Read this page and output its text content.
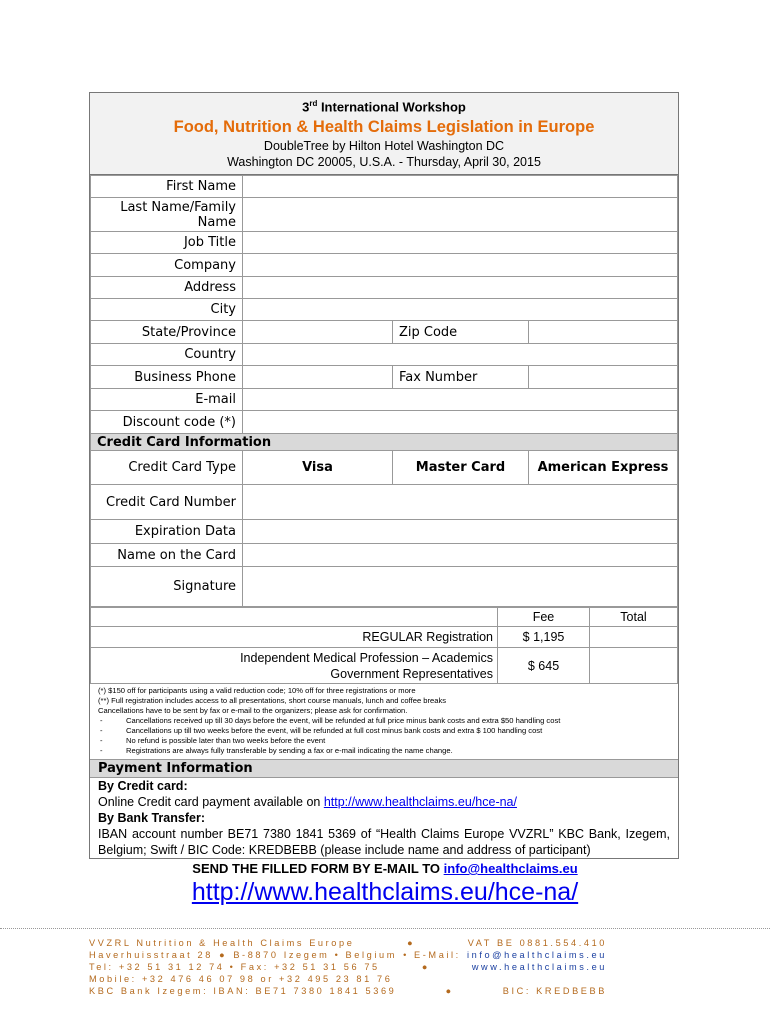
3rd International Workshop
Food, Nutrition & Health Claims Legislation in Europe
DoubleTree by Hilton Hotel Washington DC
Washington DC 20005, U.S.A. - Thursday, April 30, 2015
First Name			
Last Name/Family Name			
Job Title			
Company			
Address			
City			
State/Province		Zip Code	
Country			
Business Phone		Fax Number	
E-mail			
Discount code (*)			
Credit Card Information			
Credit Card Type	Visa	Master Card	American Express
Credit Card Number			
Expiration Data			
Name on the Card			
Signature			
	Fee	Total
REGULAR Registration	$ 1,195	

Independent Medical Profession – Academics
Government Representatives	$ 645	
(*) $150 off for participants using a valid reduction code; 10% off for three registrations or more
(**) Full registration includes access to all presentations, short course manuals, lunch and coffee breaks
Cancellations have to be sent by fax or e-mail to the organizers; please ask for confirmation.
-	Cancellations received up till 30 days before the event, will be refunded at full price minus bank costs and extra $50 handling cost
-	Cancellations up till two weeks before the event, will be refunded at full cost minus bank costs and extra $ 100 handling cost
-	No refund is possible later than two weeks before the event
-	Registrations are always fully transferable by sending a fax or e-mail indicating the name change.
Payment Information
By Credit card:
Online Credit card payment available on http://www.healthclaims.eu/hce-na/
By Bank Transfer:
IBAN account number BE71 7380 1841 5369 of “Health Claims Europe VVZRL” KBC Bank, Izegem, Belgium; Swift / BIC Code: KREDBEBB (please include name and address of participant)
SEND THE FILLED FORM BY E-MAIL TO info@healthclaims.eu
http://www.healthclaims.eu/hce-na/
VVZRL Nutrition & Health Claims Europe	●	VAT BE 0881.554.410
Haverhuisstraat 28 ● B-8870 Izegem • Belgium • E-Mail: info@healthclaims.eu
Tel: +32 51 31 12 74 • Fax: +32 51 31 56 75	●	www.healthclaims.eu
Mobile: +32 476 46 07 98 or +32 495 23 81 76
KBC Bank Izegem: IBAN: BE71 7380 1841 5369	●	BIC: KREDBEBB
